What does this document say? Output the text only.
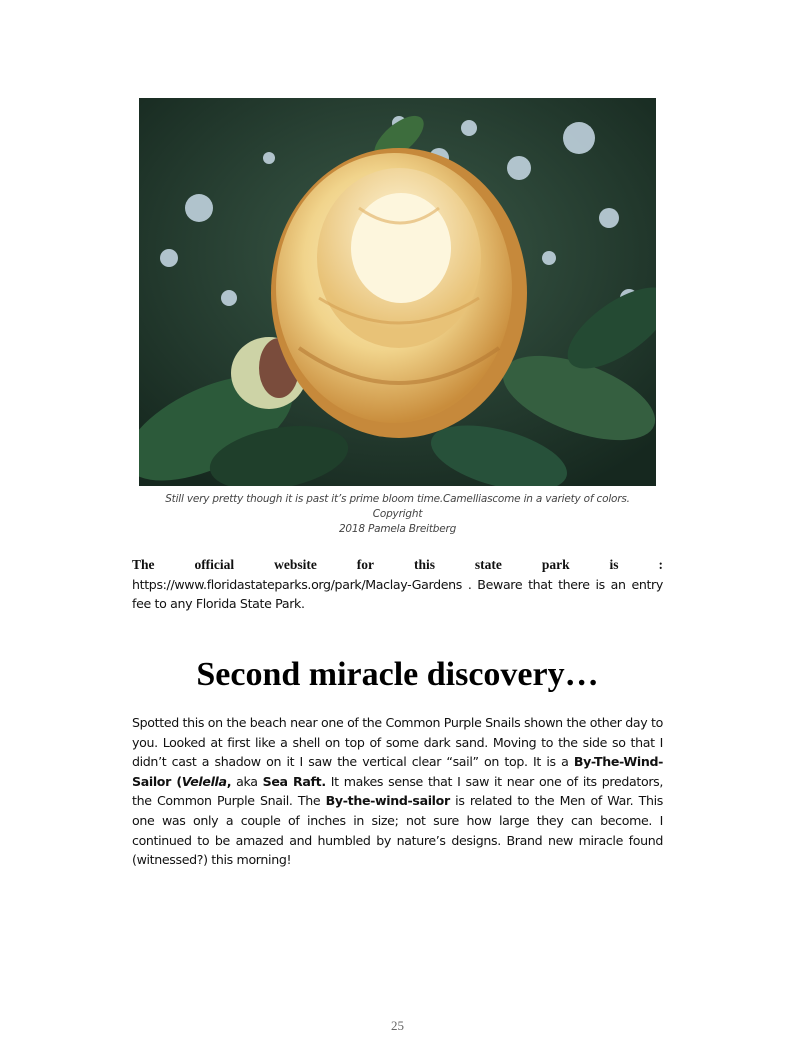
Still very pretty though it is past it’s prime bloom time.Camelliascome in a variety of colors. Copyright
2018 Pamela Breitberg
The	official	website	for	this	state	park	is	:
https://www.floridastateparks.org/park/Maclay-Gardens . Beware that there is an entry fee to any Florida State Park.
Second miracle discovery…
Spotted this on the beach near one of the Common Purple Snails shown the other day to you. Looked at first like a shell on top of some dark sand. Moving to the side so that I didn’t cast a shadow on it I saw the vertical clear “sail” on top. It is a By-The-Wind-Sailor (Velella, aka Sea Raft. It makes sense that I saw it near one of its predators, the Common Purple Snail. The By-the-wind-sailor is related to the Men of War. This one was only a couple of inches in size; not sure how large they can become. I continued to be amazed and humbled by nature’s designs. Brand new miracle found (witnessed?) this morning!
25
